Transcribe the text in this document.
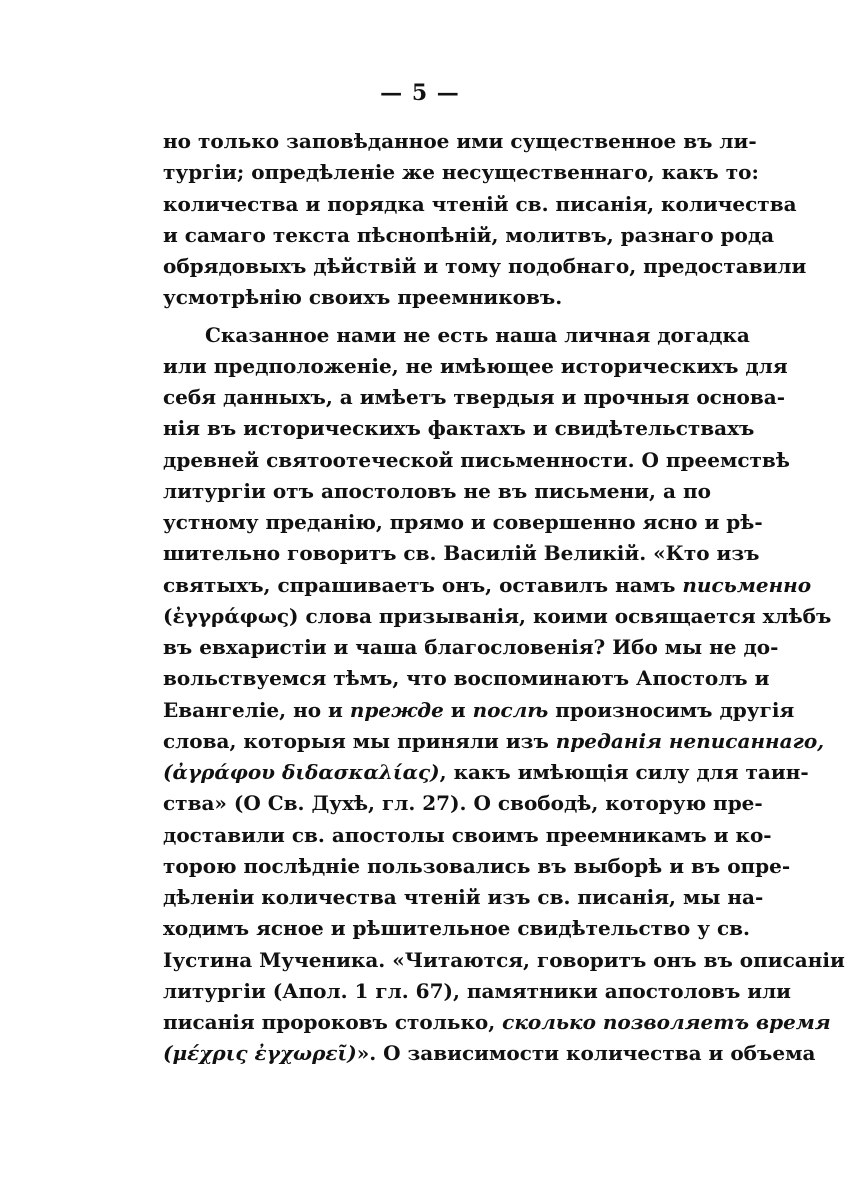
— 5 —
но только заповѣданное ими существенное въ ли-
тургіи; опредѣленіе же несущественнаго, какъ то:
количества и порядка чтеній св. писанія, количества
и самаго текста пѣснопѣній, молитвъ, разнаго рода
обрядовыхъ дѣйствій и тому подобнаго, предоставили
усмотрѣнію своихъ преемниковъ.
Сказанное нами не есть наша личная догадка
или предположеніе, не имѣющее историческихъ для
себя данныхъ, а имѣетъ твердыя и прочныя основа-
нія въ историческихъ фактахъ и свидѣтельствахъ
древней святоотеческой письменности. О преемствѣ
литургіи отъ апостоловъ не въ письмени, а по
устному преданію, прямо и совершенно ясно и рѣ-
шительно говоритъ св. Василій Великій. «Кто изъ
святыхъ, спрашиваетъ онъ, оставилъ намъ письменно
(ἐγγράφως) слова призыванія, коими освящается хлѣбъ
въ евхаристіи и чаша благословенія? Ибо мы не до-
вольствуемся тѣмъ, что воспоминаютъ Апостолъ и
Евангеліе, но и прежде и послѣ произносимъ другія
слова, которыя мы приняли изъ преданія неписаннаго,
(ἀγράφου διδασκαλίας), какъ имѣющія силу для таин-
ства» (О Св. Духѣ, гл. 27). О свободѣ, которую пре-
доставили св. апостолы своимъ преемникамъ и ко-
торою послѣдніе пользовались въ выборѣ и въ опре-
дѣленіи количества чтеній изъ св. писанія, мы на-
ходимъ ясное и рѣшительное свидѣтельство у св.
Іустина Мученика. «Читаются, говоритъ онъ въ описаніи
литургіи (Апол. 1 гл. 67), памятники апостоловъ или
писанія пророковъ столько, сколько позволяетъ время
(μέχρις ἐγχωρεῖ)». О зависимости количества и объема
